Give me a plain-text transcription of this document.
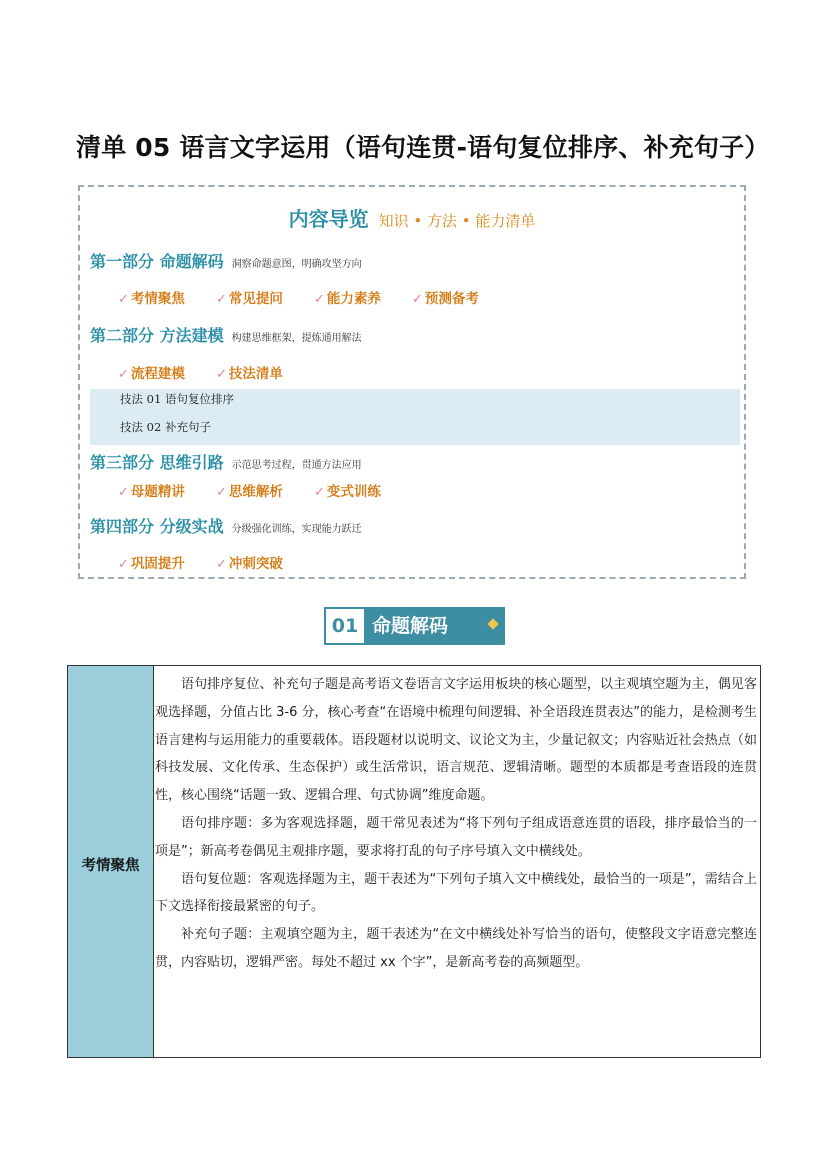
清单 05 语言文字运用（语句连贯-语句复位排序、补充句子）
内容导览 知识 • 方法 • 能力清单
第一部分 命题解码 洞察命题意图，明确攻坚方向
✓ 考情聚焦 ✓ 常见提问 ✓ 能力素养 ✓ 预测备考
第二部分 方法建模 构建思维框架，提炼通用解法
✓ 流程建模 ✓ 技法清单
技法 01 语句复位排序
技法 02 补充句子
第三部分 思维引路 示范思考过程，贯通方法应用
✓ 母题精讲 ✓ 思维解析 ✓ 变式训练
第四部分 分级实战 分级强化训练，实现能力跃迁
✓ 巩固提升 ✓ 冲刺突破
01 命题解码
考情聚焦

语句排序复位、补充句子题是高考语文卷语言文字运用板块的核心题型，以主观填空题为主，偶见客观选择题，分值占比 3-6 分，核心考查“在语境中梳理句间逻辑、补全语段连贯表达”的能力，是检测考生语言建构与运用能力的重要载体。语段题材以说明文、议论文为主，少量记叙文；内容贴近社会热点（如科技发展、文化传承、生态保护）或生活常识，语言规范、逻辑清晰。题型的本质都是考查语段的连贯性，核心围绕“话题一致、逻辑合理、句式协调”维度命题。

语句排序题：多为客观选择题，题干常见表述为“将下列句子组成语意连贯的语段，排序最恰当的一项是”；新高考卷偶见主观排序题，要求将打乱的句子序号填入文中横线处。

语句复位题：客观选择题为主，题干表述为“下列句子填入文中横线处，最恰当的一项是”，需结合上下文选择衔接最紧密的句子。

补充句子题：主观填空题为主，题干表述为“在文中横线处补写恰当的语句，使整段文字语意完整连贯，内容贴切，逻辑严密。每处不超过 xx 个字”，是新高考卷的高频题型。
